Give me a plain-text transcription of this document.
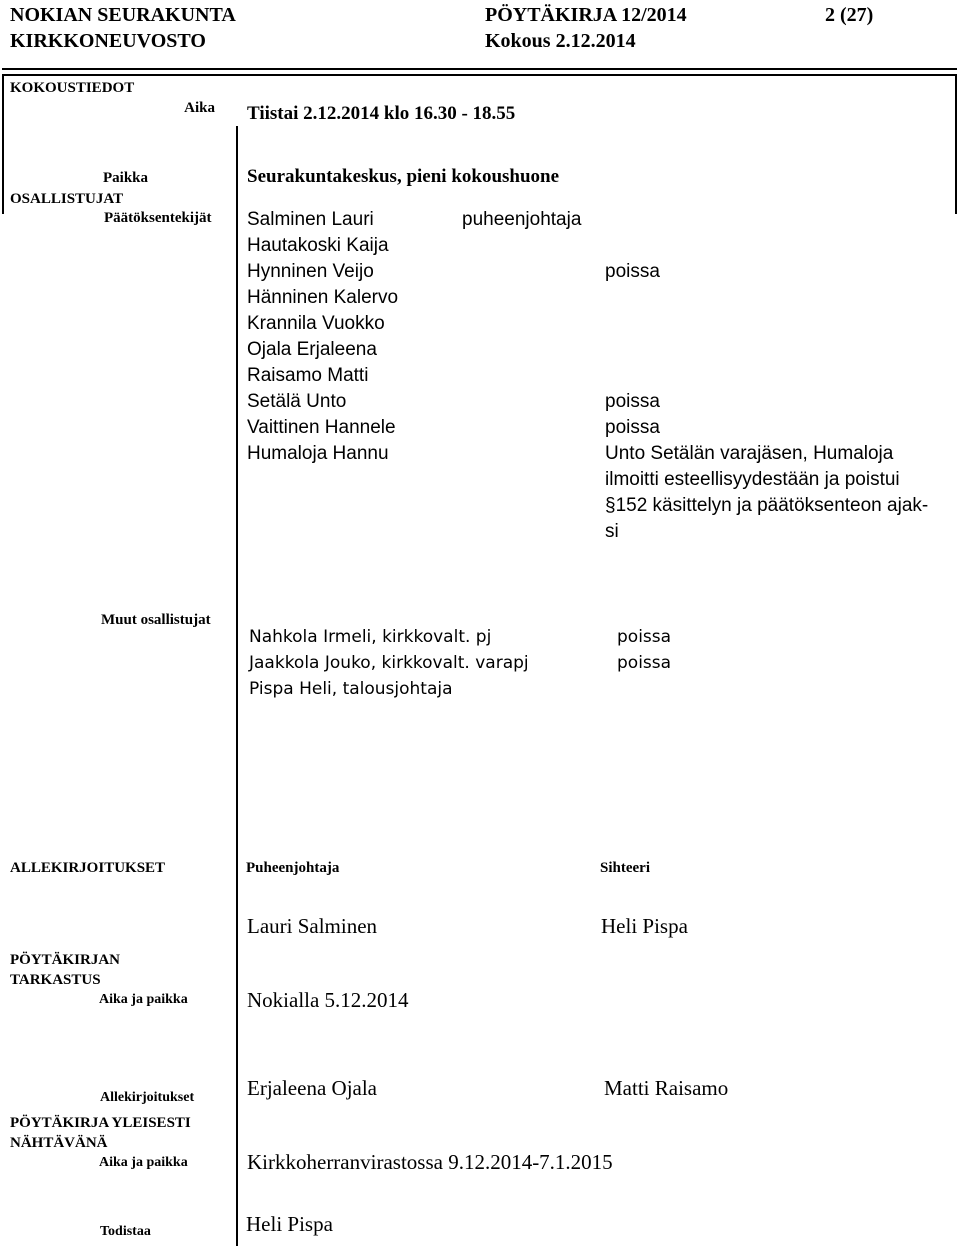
NOKIAN SEURAKUNTA
KIRKKONEUVOSTO
PÖYTÄKIRJA 12/2014
Kokous 2.12.2014
2 (27)
KOKOUSTIEDOT
Aika Tiistai 2.12.2014 klo 16.30 - 18.55
Paikka	Seurakuntakeskus, pieni kokoushuone
OSALLISTUJAT
Päätöksentekijät Salminen Lauri	puheenjohtaja
Hautakoski Kaija
Hynninen Veijo	poissa
Hänninen Kalervo
Krannila Vuokko
Ojala Erjaleena
Raisamo Matti
Setälä Unto	poissa
Vaittinen Hannele	poissa
Humaloja Hannu	Unto Setälän varajäsen, Humaloja
ilmoitti esteellisyydestään ja poistui
§152 käsittelyn ja päätöksenteon ajak-
si
Muut osallistujat
Nahkola Irmeli, kirkkovalt. pj	poissa
Jaakkola Jouko, kirkkovalt. varapj	poissa
Pispa Heli, talousjohtaja
ALLEKIRJOITUKSET	Puheenjohtaja	Sihteeri
Lauri Salminen	Heli Pispa
PÖYTÄKIRJAN
TARKASTUS
Aika ja paikka	Nokialla 5.12.2014
Allekirjoitukset	Erjaleena Ojala	Matti Raisamo
PÖYTÄKIRJA YLEISESTI
NÄHTÄVÄNÄ
Aika ja paikka	Kirkkoherranvirastossa 9.12.2014-7.1.2015
Todistaa	Heli Pispa
